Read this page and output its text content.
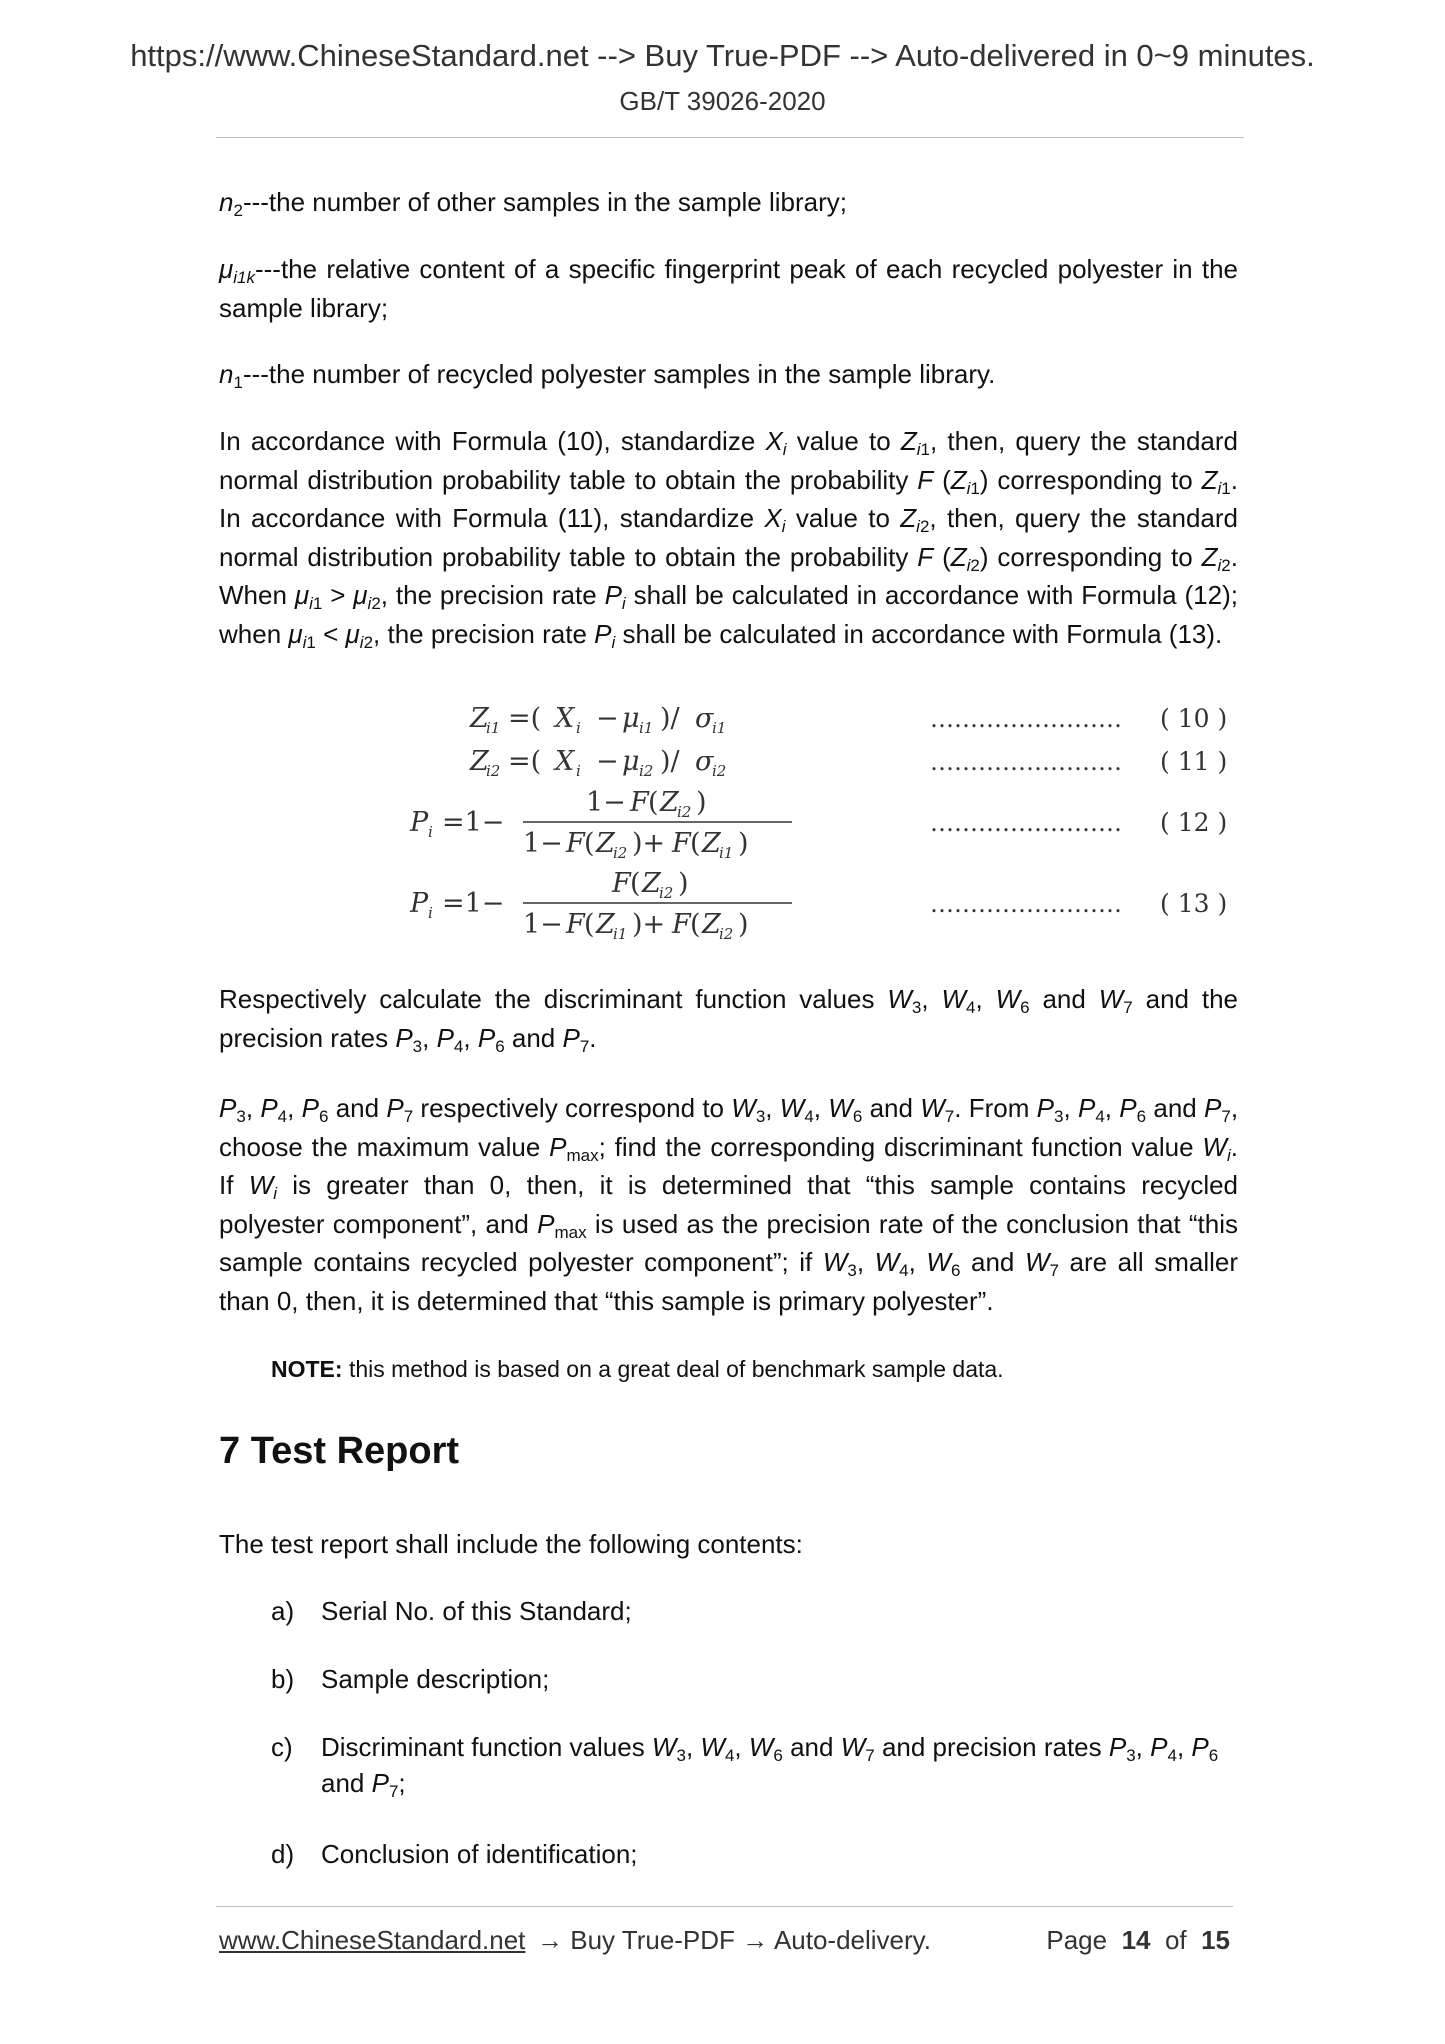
https://www.ChineseStandard.net --> Buy True-PDF --> Auto-delivered in 0~9 minutes.
GB/T 39026-2020
$n_2--$-the number of other samples in the sample library;
$\mu_{i1k}--$-the relative content of a specific fingerprint peak of each recycled polyester in the sample library;
$n_1--$-the number of recycled polyester samples in the sample library.
In accordance with Formula (10), standardize $X_i$ value to $Z_{i1}$, then, query the standard normal distribution probability table to obtain the probability F $(Z_{i1})$ corresponding to $Z_{i1}$. In accordance with Formula (11), standardize $X_i$ value to $Z_{i2}$, then, query the standard normal distribution probability table to obtain the probability F $(Z_{i2})$ corresponding to $Z_{i2}$. When $\mu_{i1} > \mu_{i2}$, the precision rate $P_i$ shall be calculated in accordance with Formula (12); when $\mu_{i1} < \mu_{i2}$, the precision rate $P_i$ shall be calculated in accordance with Formula (13).
Z
i1 =( X i − μ i1 )/ σ
i1	…………………… ( 10 )
Z
i2 =( X i − μ i2 )/ σ
i2	…………………… ( 11 )
P i =1−
1− F ( Z
i2 )
1− F ( Z
i2 )+ F ( Z
i1 )
…………………… ( 12 )
P i =1−
F ( Z
i2 )
1− F ( Z
i1 )+ F ( Z
i2 )
…………………… ( 13 )
Respectively calculate the discriminant function values $W_3$, $W_4$, $W_6$ and $W_7$ and the precision rates $P_3$, $P_4$, $P_6$ and $P_7$.
$P_3$, $P_4$, $P_6$ and $P_7$ respectively correspond to $W_3$, $W_4$, $W_6$ and $W_7$. From $P_3$, $P_4$, $P_6$ and $P_7$, choose the maximum value $P_{max}$; find the corresponding discriminant function value $W_i$. If $W_i$ is greater than 0, then, it is determined that “this sample contains recycled polyester component”, and $P_{max}$ is used as the precision rate of the conclusion that “this sample contains recycled polyester component”; if $W_3$, $W_4$, $W_6$ and $W_7$ are all smaller than 0, then, it is determined that “this sample is primary polyester”.
NOTE: this method is based on a great deal of benchmark sample data.
7 Test Report
The test report shall include the following contents:
a) Serial No. of this Standard;
b) Sample description;
c) Discriminant function values $W_3$, $W_4$, $W_6$ and $W_7$ and precision rates $P_3$, $P_4$, $P_6$ and $P_7$;
d) Conclusion of identification;
www.ChineseStandard.net → Buy True-PDF → Auto-delivery.	Page 14 of 15
